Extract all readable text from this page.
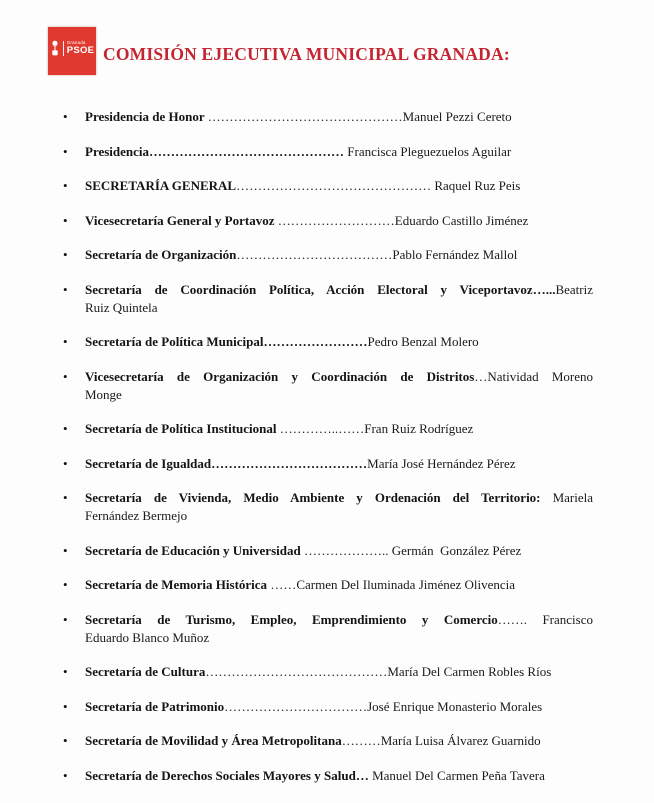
Granada
PSOE COMISIÓN EJECUTIVA MUNICIPAL GRANADA:
•	Presidencia de Honor ………………………………………Manuel Pezzi Cereto
•	Presidencia……………………………………… Francisca Pleguezuelos Aguilar
•	SECRETARÍA GENERAL……………………………………… Raquel Ruz Peis
•	Vicesecretaría General y Portavoz ………………………Eduardo Castillo Jiménez
•	Secretaría de Organización………………………………Pablo Fernández Mallol
•	Secretaría de Coordinación Política, Acción Electoral y Viceportavoz…...Beatriz
Ruiz Quintela
•	Secretaría de Política Municipal……………………Pedro Benzal Molero
•	Vicesecretaría de Organización y Coordinación de Distritos…Natividad Moreno
Monge
•	Secretaría de Política Institucional …………..……Fran Ruiz Rodríguez
•	Secretaría de Igualdad………………………………María José Hernández Pérez
•	Secretaría de Vivienda, Medio Ambiente y Ordenación del Territorio: Mariela
Fernández Bermejo
•	Secretaría de Educación y Universidad ……………….. Germán  González Pérez
•	Secretaría de Memoria Histórica ……Carmen Del Iluminada Jiménez Olivencia
•	Secretaría de Turismo, Empleo, Emprendimiento y Comercio……. Francisco
Eduardo Blanco Muñoz
•	Secretaría de Cultura……………………………………María Del Carmen Robles Ríos
•	Secretaría de Patrimonio……………………………José Enrique Monasterio Morales
•	Secretaría de Movilidad y Área Metropolitana………María Luisa Álvarez Guarnido
•	Secretaría de Derechos Sociales Mayores y Salud… Manuel Del Carmen Peña Tavera
